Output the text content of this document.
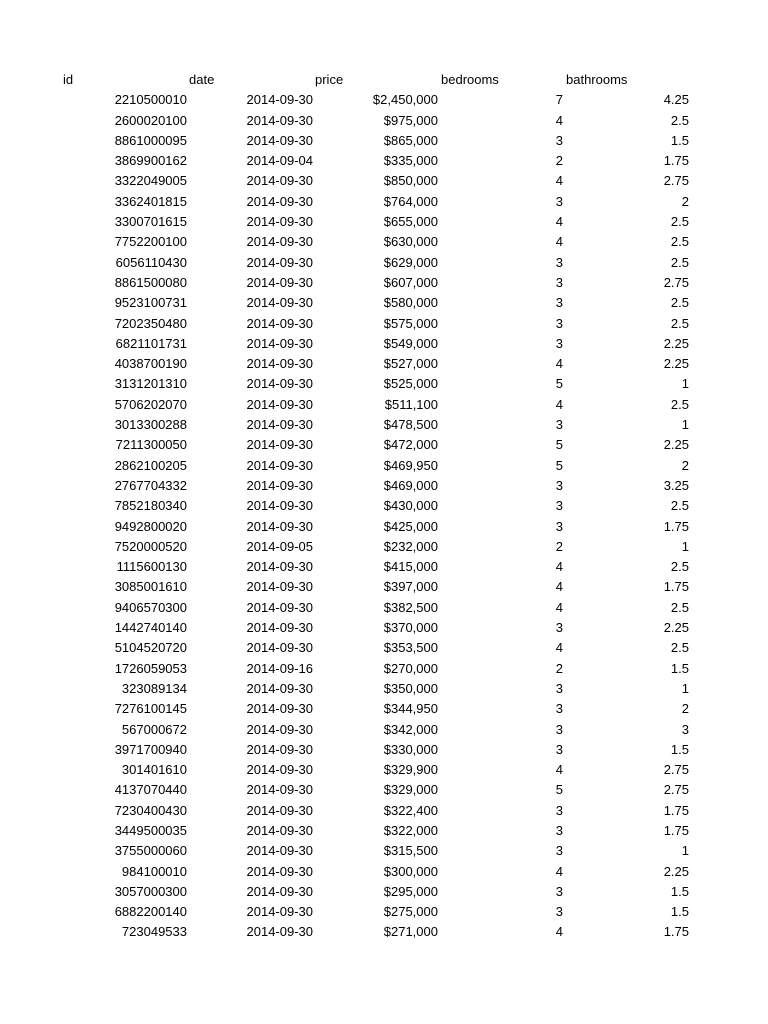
id	date	price	bedrooms	bathrooms
2210500010	2014-09-30	$2,450,000	7	4.25
2600020100	2014-09-30	$975,000	4	2.5
8861000095	2014-09-30	$865,000	3	1.5
3869900162	2014-09-04	$335,000	2	1.75
3322049005	2014-09-30	$850,000	4	2.75
3362401815	2014-09-30	$764,000	3	2
3300701615	2014-09-30	$655,000	4	2.5
7752200100	2014-09-30	$630,000	4	2.5
6056110430	2014-09-30	$629,000	3	2.5
8861500080	2014-09-30	$607,000	3	2.75
9523100731	2014-09-30	$580,000	3	2.5
7202350480	2014-09-30	$575,000	3	2.5
6821101731	2014-09-30	$549,000	3	2.25
4038700190	2014-09-30	$527,000	4	2.25
3131201310	2014-09-30	$525,000	5	1
5706202070	2014-09-30	$511,100	4	2.5
3013300288	2014-09-30	$478,500	3	1
7211300050	2014-09-30	$472,000	5	2.25
2862100205	2014-09-30	$469,950	5	2
2767704332	2014-09-30	$469,000	3	3.25
7852180340	2014-09-30	$430,000	3	2.5
9492800020	2014-09-30	$425,000	3	1.75
7520000520	2014-09-05	$232,000	2	1
1115600130	2014-09-30	$415,000	4	2.5
3085001610	2014-09-30	$397,000	4	1.75
9406570300	2014-09-30	$382,500	4	2.5
1442740140	2014-09-30	$370,000	3	2.25
5104520720	2014-09-30	$353,500	4	2.5
1726059053	2014-09-16	$270,000	2	1.5
323089134	2014-09-30	$350,000	3	1
7276100145	2014-09-30	$344,950	3	2
567000672	2014-09-30	$342,000	3	3
3971700940	2014-09-30	$330,000	3	1.5
301401610	2014-09-30	$329,900	4	2.75
4137070440	2014-09-30	$329,000	5	2.75
7230400430	2014-09-30	$322,400	3	1.75
3449500035	2014-09-30	$322,000	3	1.75
3755000060	2014-09-30	$315,500	3	1
984100010	2014-09-30	$300,000	4	2.25
3057000300	2014-09-30	$295,000	3	1.5
6882200140	2014-09-30	$275,000	3	1.5
723049533	2014-09-30	$271,000	4	1.75
